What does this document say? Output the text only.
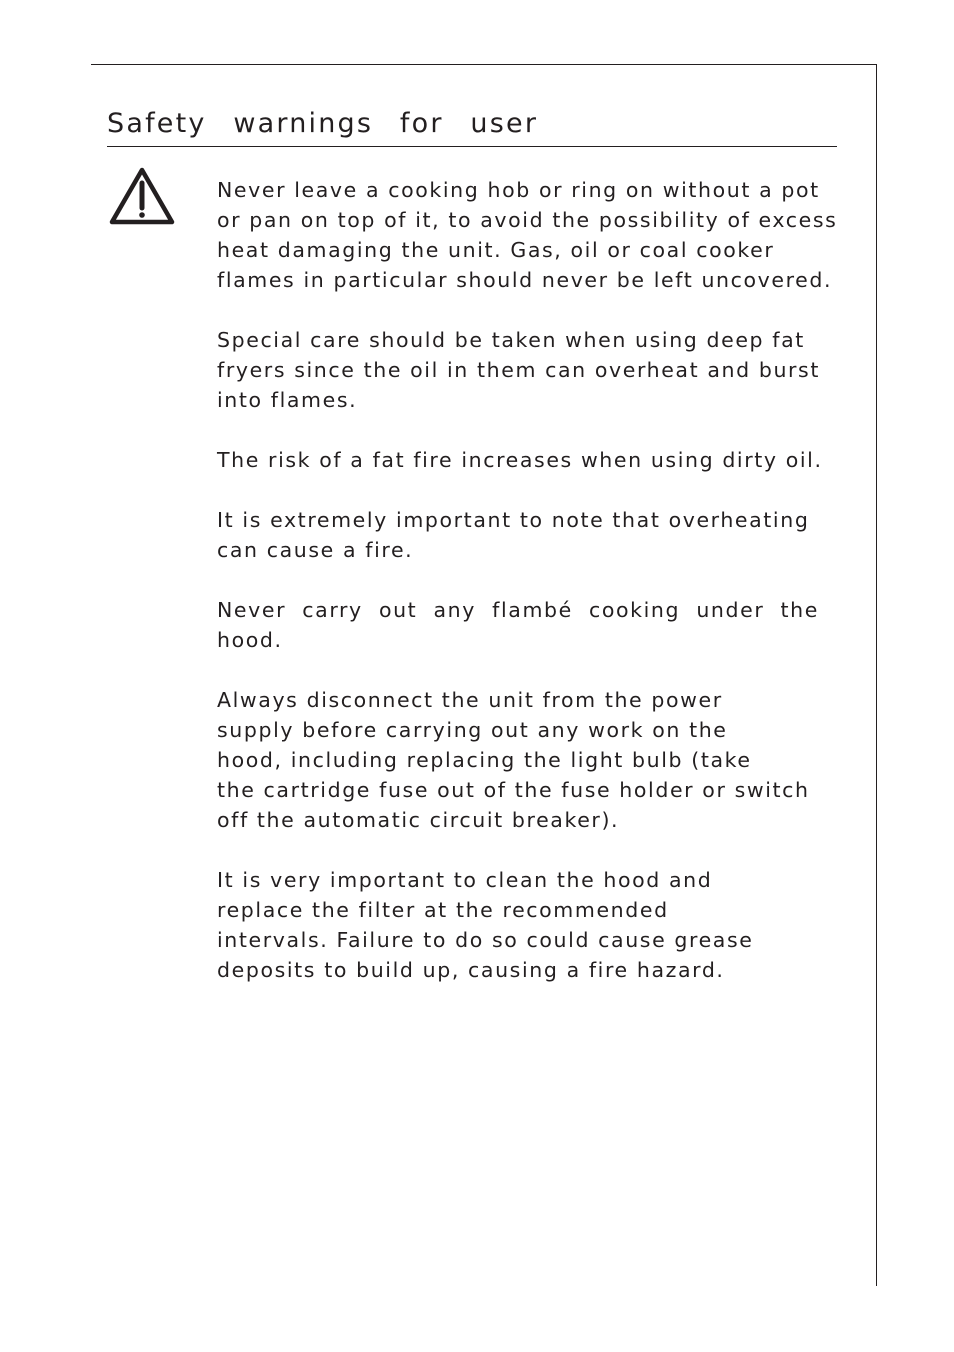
Safety warnings for user
Never leave a cooking hob or ring on without a pot
or pan on top of it, to avoid the possibility of excess
heat damaging the unit. Gas, oil or coal cooker
flames in particular should never be left uncovered.
Special care should be taken when using deep fat
fryers since the oil in them can overheat and burst
into flames.
The risk of a fat fire increases when using dirty oil.
It is extremely important to note that overheating
can cause a fire.
Never carry out any flambé cooking under the
hood.
Always disconnect the unit from the power
supply before carrying out any work on the
hood, including replacing the light bulb (take
the cartridge fuse out of the fuse holder or switch
off the automatic circuit breaker).
It is very important to clean the hood and
replace the filter at the recommended
intervals. Failure to do so could cause grease
deposits to build up, causing a fire hazard.
